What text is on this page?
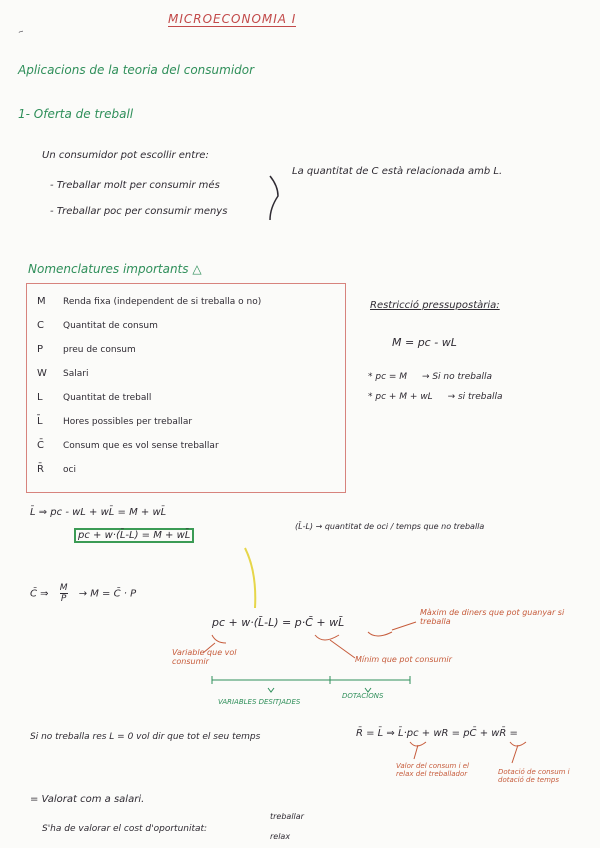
MICROECONOMIA I
~
Aplicacions de la teoria del consumidor
1- Oferta de treball
Un consumidor pot escollir entre:
- Treballar molt per consumir més
- Treballar poc per consumir menys
La quantitat de C està relacionada amb L.
Nomenclatures importants △
M Renda fixa (independent de si treballa o no)
C Quantitat de consum
P preu de consum
W Salari
L Quantitat de treball
L̄ Hores possibles per treballar
C̄ Consum que es vol sense treballar
R̄ oci
Restricció pressupostària:
M = pc - wL
* pc = M → Si no treballa
* pc + M + wL → si treballa
L̄ ⇒ pc - wL + wL̄ = M + wL̄
pc + w·(L̄-L) = M + wL̄
(L̄-L) → quantitat de oci / temps que no treballa
C̄ ⇒ $\frac{M}{P} \to M$ = C̄ · P
pc + w·(L̄-L) = p·C̄ + wL̄
Màxim de diners que pot guanyar si treballa
Mínim que pot consumir
Variable que vol consumir
VARIABLES DESITJADES
DOTACIONS
Si no treballa res L = 0 vol dir que tot el seu temps	R̄ = L̄ ⇒ L̄·pc + wR = pC̄ + wR̄ =
Valor del consum i el relax del treballador	Dotació de consum i dotació de temps
= Valorat com a salari.
S'ha de valorar el cost d'oportunitat:
treballar
relax
